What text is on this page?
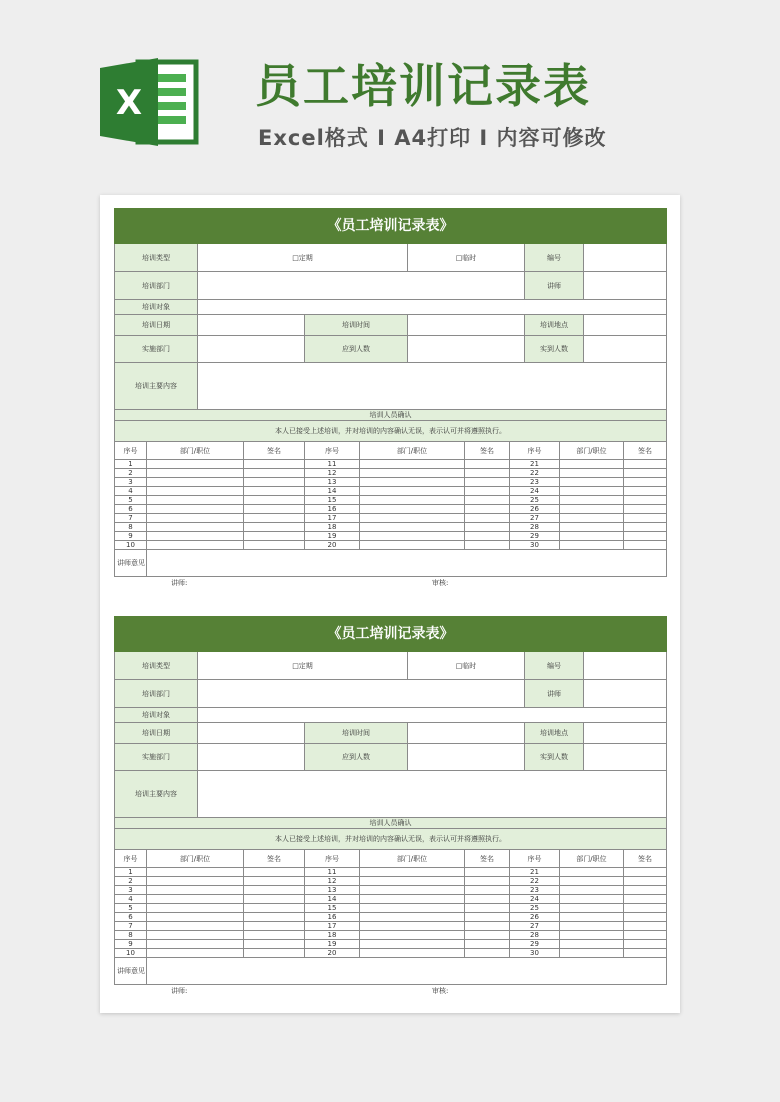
X 员工培训记录表
Excel格式 I A4打印 I 内容可修改
《员工培训记录表》												
培训类型		□定期				□临时			编号			
培训部门									讲师			
培训对象												
培训日期				培训时间					培训地点			
实施部门				应到人数					实到人数			
培训主要内容												
培训人员确认												
本人已接受上述培训，并对培训的内容确认无误，表示认可并将遵照执行。												
序号	部门/职位		签名	序号	部门/职位		签名	序号		部门/职位		签名
1				11				21				
2				12				22				
3				13				23				
4				14				24				
5				15				25				
6				16				26				
7				17				27				
8				18				28				
9				19				29				
10				20				30				
讲师意见												
讲师:	审核:
《员工培训记录表》												
培训类型		□定期				□临时			编号			
培训部门									讲师			
培训对象												
培训日期				培训时间					培训地点			
实施部门				应到人数					实到人数			
培训主要内容												
培训人员确认												
本人已接受上述培训，并对培训的内容确认无误，表示认可并将遵照执行。												
序号	部门/职位		签名	序号	部门/职位		签名	序号		部门/职位		签名
1				11				21				
2				12				22				
3				13				23				
4				14				24				
5				15				25				
6				16				26				
7				17				27				
8				18				28				
9				19				29				
10				20				30				
讲师意见												
讲师:	审核:
